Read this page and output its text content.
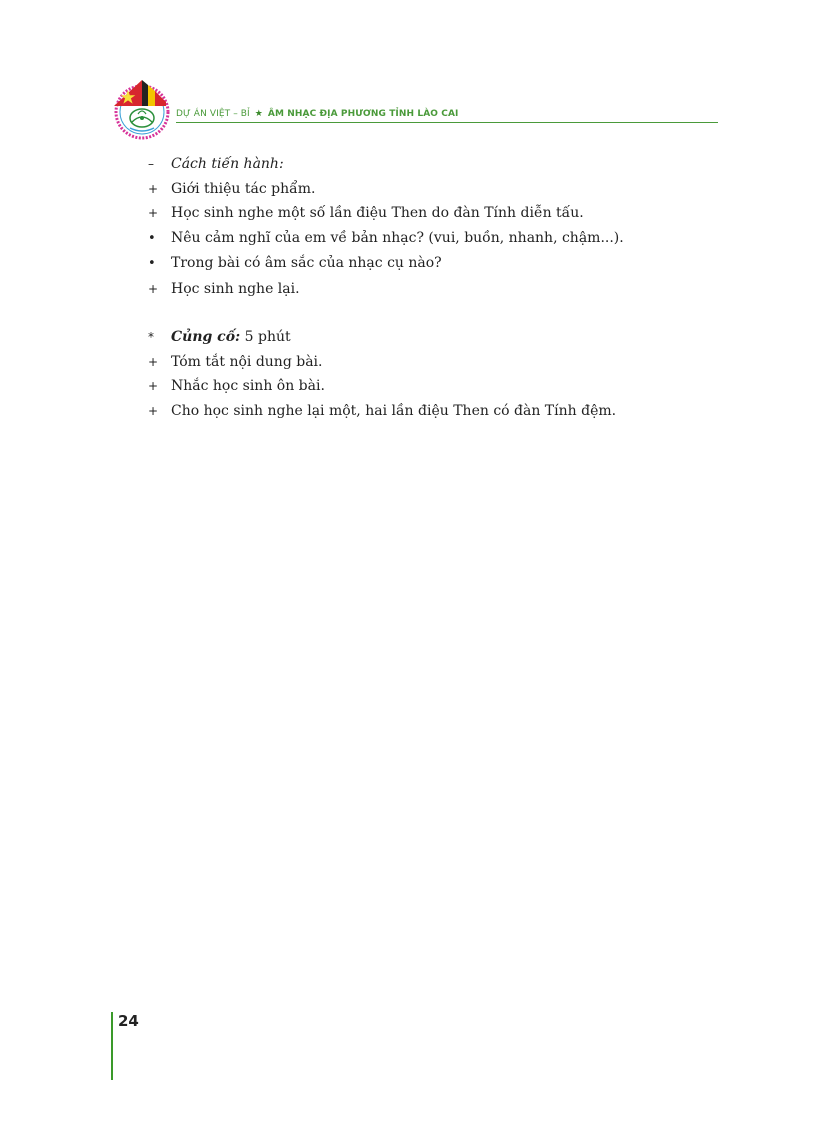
DỰ ÁN VIỆT – BỈ ★ ÂM NHẠC ĐỊA PHƯƠNG TỈNH LÀO CAI
–	Cách tiến hành:
+ Giới thiệu tác phẩm.
+ Học sinh nghe một số lần điệu Then do đàn Tính diễn tấu.
•	Nêu cảm nghĩ của em về bản nhạc? (vui, buồn, nhanh, chậm...).
•	Trong bài có âm sắc của nhạc cụ nào?
+ Học sinh nghe lại.
*	Củng cố: 5 phút
+ Tóm tắt nội dung bài.
+ Nhắc học sinh ôn bài.
+ Cho học sinh nghe lại một, hai lần điệu Then có đàn Tính đệm.
24
